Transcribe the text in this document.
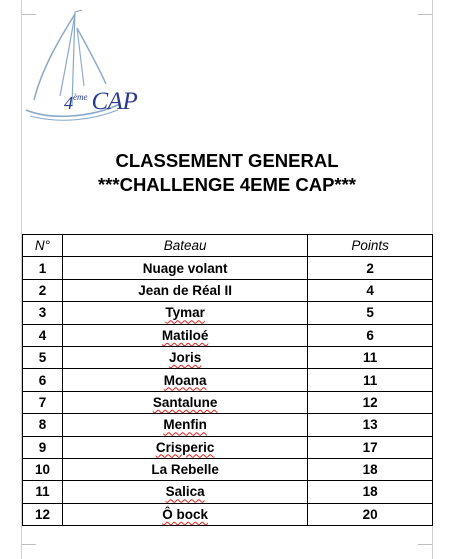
4ème CAP
CLASSEMENT GENERAL
***CHALLENGE 4EME CAP***
N°	Bateau	Points
1	Nuage volant	2
2	Jean de Réal II	4
3	Tymar	5
4	Matiloé	6
5	Joris	11
6	Moana	11
7	Santalune	12
8	Menfin	13
9	Crisperic	17
10	La Rebelle	18
11	Salica	18
12	Ô bock	20
